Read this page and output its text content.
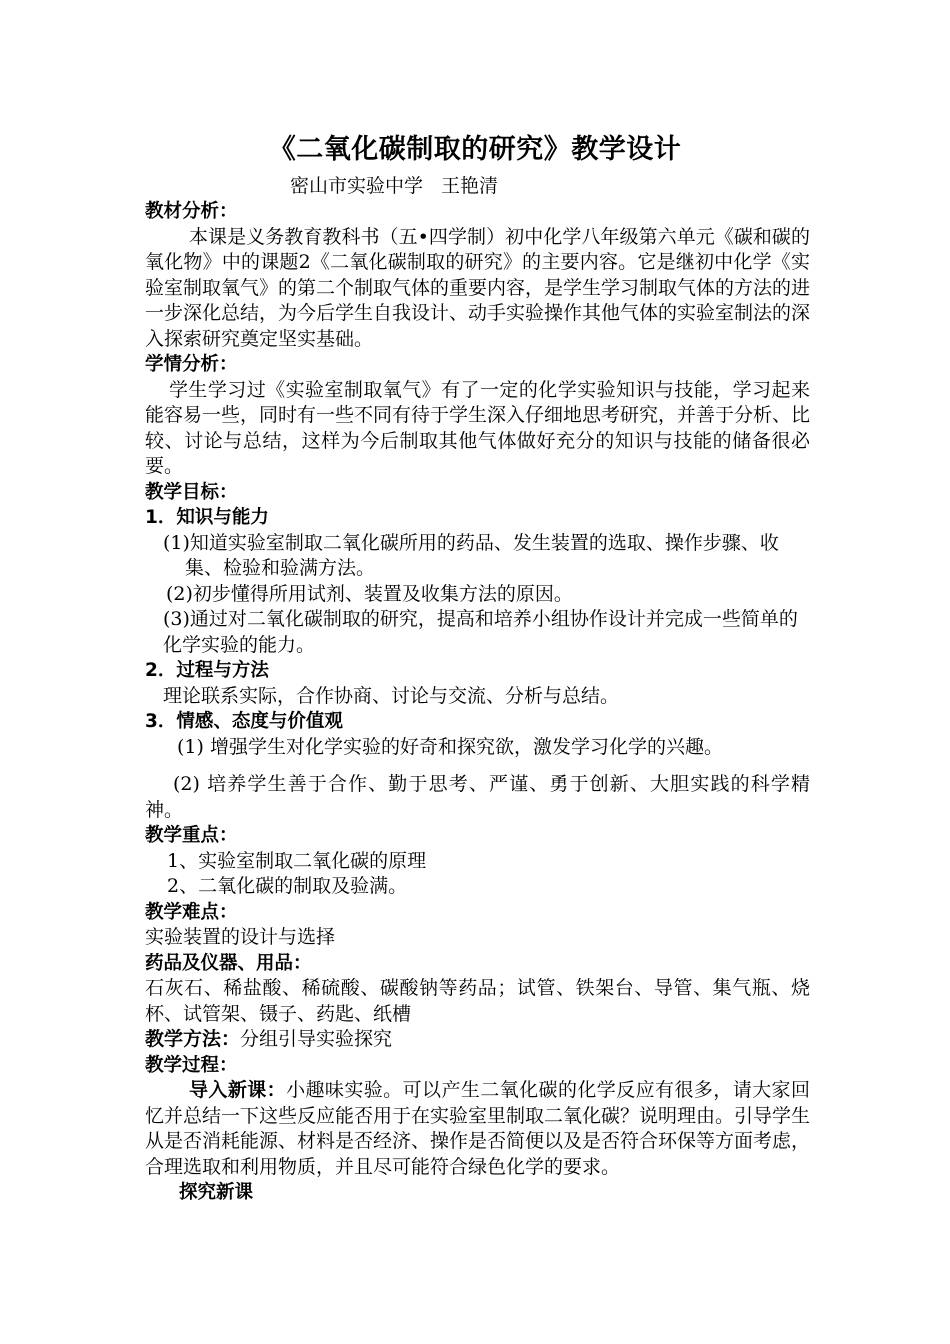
《二氧化碳制取的研究》教学设计
密山市实验中学 王艳清
教材分析：
本课是义务教育教科书（五•四学制）初中化学八年级第六单元《碳和碳的氧化物》中的课题2《二氧化碳制取的研究》的主要内容。它是继初中化学《实验室制取氧气》的第二个制取气体的重要内容，是学生学习制取气体的方法的进一步深化总结，为今后学生自我设计、动手实验操作其他气体的实验室制法的深入探索研究奠定坚实基础。
学情分析：
学生学习过《实验室制取氧气》有了一定的化学实验知识与技能，学习起来能容易一些，同时有一些不同有待于学生深入仔细地思考研究，并善于分析、比较、讨论与总结，这样为今后制取其他气体做好充分的知识与技能的储备很必要。
教学目标：
1．知识与能力
(1)知道实验室制取二氧化碳所用的药品、发生装置的选取、操作步骤、收集、检验和验满方法。
(2)初步懂得所用试剂、装置及收集方法的原因。
(3)通过对二氧化碳制取的研究，提高和培养小组协作设计并完成一些简单的化学实验的能力。
2．过程与方法
理论联系实际，合作协商、讨论与交流、分析与总结。
3．情感、态度与价值观
(1) 增强学生对化学实验的好奇和探究欲，激发学习化学的兴趣。
(2) 培养学生善于合作、勤于思考、严谨、勇于创新、大胆实践的科学精神。
教学重点：
1、实验室制取二氧化碳的原理
2、二氧化碳的制取及验满。
教学难点：
实验装置的设计与选择
药品及仪器、用品：
石灰石、稀盐酸、稀硫酸、碳酸钠等药品；试管、铁架台、导管、集气瓶、烧杯、试管架、镊子、药匙、纸槽
教学方法：分组引导实验探究
教学过程：
导入新课：小趣味实验。可以产生二氧化碳的化学反应有很多，请大家回忆并总结一下这些反应能否用于在实验室里制取二氧化碳？说明理由。引导学生从是否消耗能源、材料是否经济、操作是否简便以及是否符合环保等方面考虑，合理选取和利用物质，并且尽可能符合绿色化学的要求。
探究新课
